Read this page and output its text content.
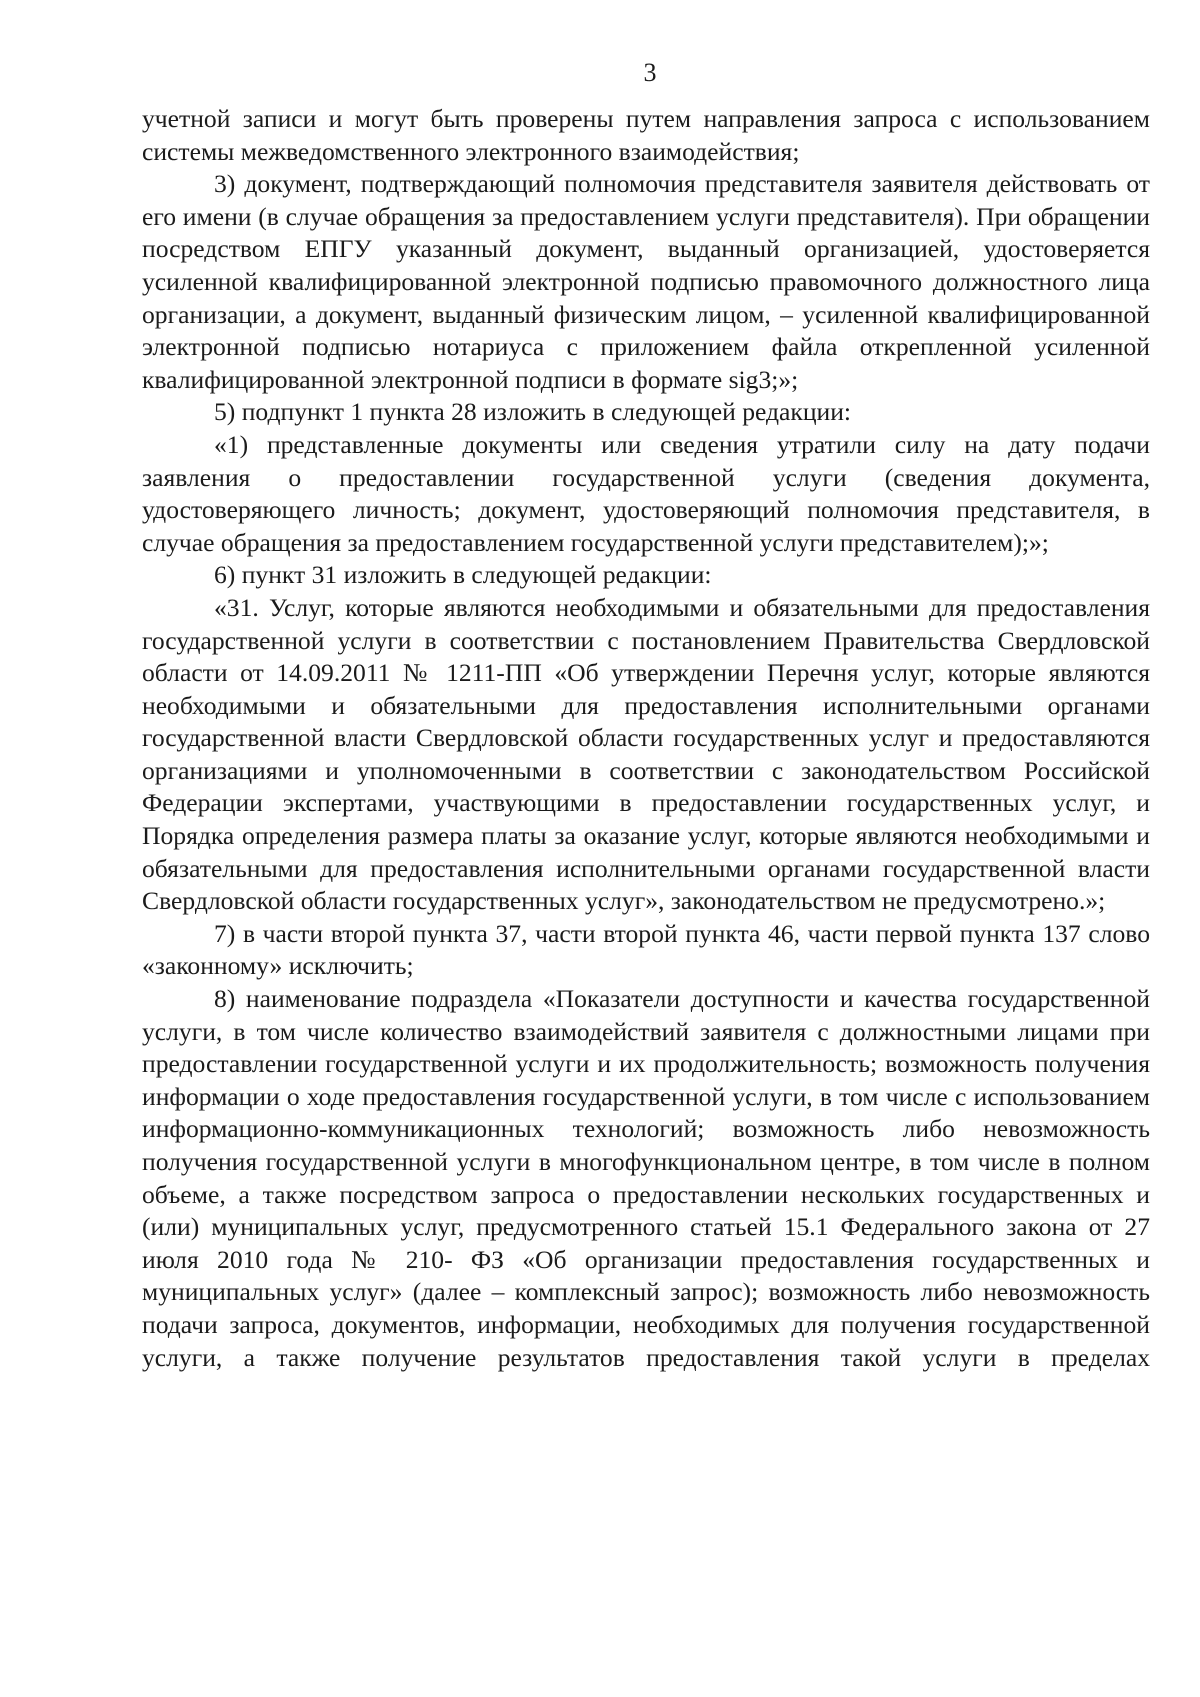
3

учетной записи и могут быть проверены путем направления запроса с использованием системы межведомственного электронного взаимодействия;

3) документ, подтверждающий полномочия представителя заявителя действовать от его имени (в случае обращения за предоставлением услуги представителя). При обращении посредством ЕПГУ указанный документ, выданный организацией, удостоверяется усиленной квалифицированной электронной подписью правомочного должностного лица организации, а документ, выданный физическим лицом, – усиленной квалифицированной электронной подписью нотариуса с приложением файла открепленной усиленной квалифицированной электронной подписи в формате sig3;»;

5) подпункт 1 пункта 28 изложить в следующей редакции:

«1) представленные документы или сведения утратили силу на дату подачи заявления о предоставлении государственной услуги (сведения документа, удостоверяющего личность; документ, удостоверяющий полномочия представителя, в случае обращения за предоставлением государственной услуги представителем);»;

6) пункт 31 изложить в следующей редакции:

«31. Услуг, которые являются необходимыми и обязательными для предоставления государственной услуги в соответствии с постановлением Правительства Свердловской области от 14.09.2011 № 1211-ПП «Об утверждении Перечня услуг, которые являются необходимыми и обязательными для предоставления исполнительными органами государственной власти Свердловской области государственных услуг и предоставляются организациями и уполномоченными в соответствии с законодательством Российской Федерации экспертами, участвующими в предоставлении государственных услуг, и Порядка определения размера платы за оказание услуг, которые являются необходимыми и обязательными для предоставления исполнительными органами государственной власти Свердловской области государственных услуг», законодательством не предусмотрено.»;

7) в части второй пункта 37, части второй пункта 46, части первой пункта 137 слово «законному» исключить;

8) наименование подраздела «Показатели доступности и качества государственной услуги, в том числе количество взаимодействий заявителя с должностными лицами при предоставлении государственной услуги и их продолжительность; возможность получения информации о ходе предоставления государственной услуги, в том числе с использованием информационно-коммуникационных технологий; возможность либо невозможность получения государственной услуги в многофункциональном центре, в том числе в полном объеме, а также посредством запроса о предоставлении нескольких государственных и (или) муниципальных услуг, предусмотренного статьей 15.1 Федерального закона от 27 июля 2010 года № 210- ФЗ «Об организации предоставления государственных и муниципальных услуг» (далее – комплексный запрос); возможность либо невозможность подачи запроса, документов, информации, необходимых для получения государственной услуги, а также получение результатов предоставления такой услуги в пределах
